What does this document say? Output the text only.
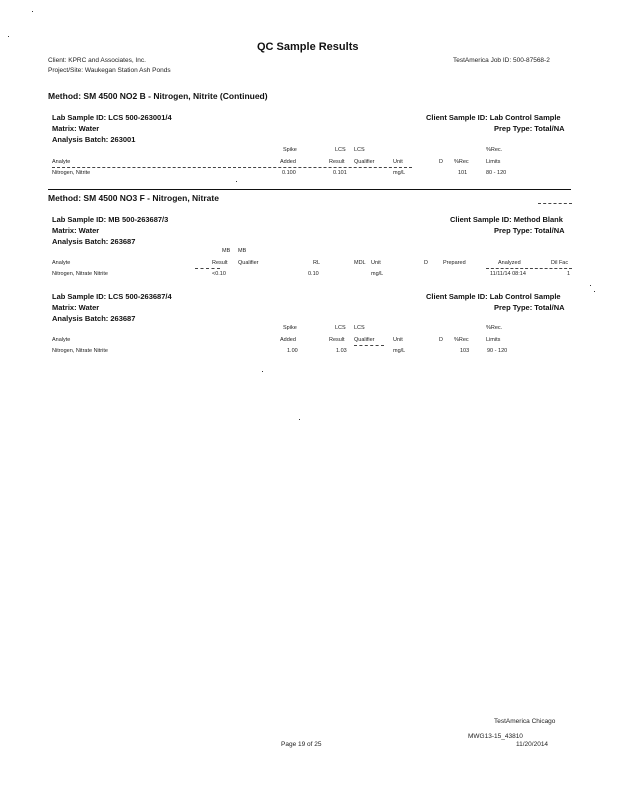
QC Sample Results
Client: KPRC and Associates, Inc.
Project/Site: Waukegan Station Ash Ponds
TestAmerica Job ID: 500-87568-2
Method: SM 4500 NO2 B - Nitrogen, Nitrite (Continued)
Lab Sample ID: LCS 500-263001/4	Client Sample ID: Lab Control Sample
Matrix: Water	Prep Type: Total/NA
Analysis Batch: 263001
Spike	LCS LCS	%Rec.
Analyte	Added	Result Qualifier	Unit	D %Rec	Limits
Nitrogen, Nitrite	0.100	0.101	mg/L	101	80 - 120
Method: SM 4500 NO3 F - Nitrogen, Nitrate
Lab Sample ID: MB 500-263687/3	Client Sample ID: Method Blank
Matrix: Water	Prep Type: Total/NA
Analysis Batch: 263687
MB MB
Analyte	Result Qualifier	RL	MDL Unit	D	Prepared	Analyzed	Dil Fac
Nitrogen, Nitrate Nitrite	<0.10	0.10	mg/L	11/11/14 08:14	1
Lab Sample ID: LCS 500-263687/4	Client Sample ID: Lab Control Sample
Matrix: Water	Prep Type: Total/NA
Analysis Batch: 263687
Spike	LCS LCS	%Rec.
Analyte	Added	Result Qualifier	Unit	D %Rec	Limits
Nitrogen, Nitrate Nitrite	1.00	1.03	mg/L	103	90 - 120
TestAmerica Chicago
MWG13-15_43810
Page 19 of 25	11/20/2014
